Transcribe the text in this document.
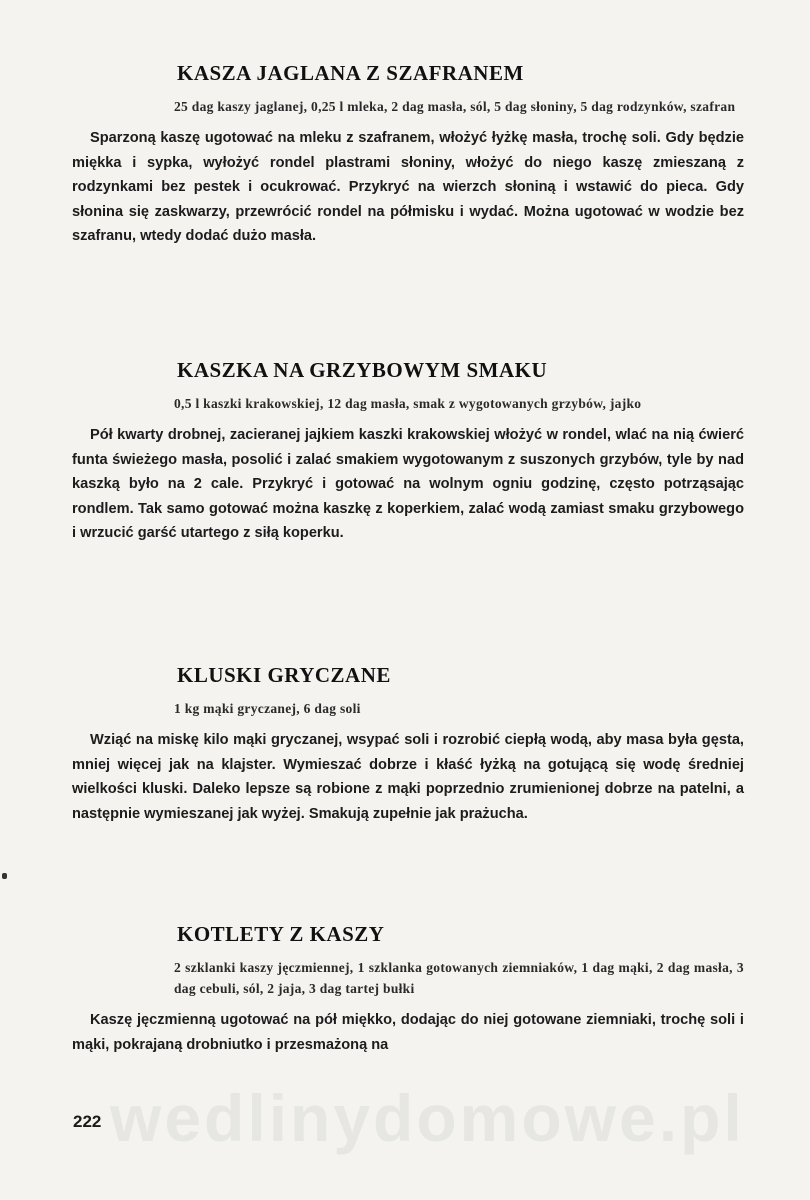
wedlinydomowe.pl
KASZA JAGLANA Z SZAFRANEM

25 dag kaszy jaglanej, 0,25 l mleka, 2 dag masła, sól, 5 dag słoniny, 5 dag rodzynków, szafran

Sparzoną kaszę ugotować na mleku z szafranem, włożyć łyżkę masła, trochę soli. Gdy będzie miękka i sypka, wyłożyć rondel plastrami słoniny, włożyć do niego kaszę zmieszaną z rodzynkami bez pestek i ocukrować. Przykryć na wierzch słoniną i wstawić do pieca. Gdy słonina się zaskwarzy, przewrócić rondel na półmisku i wydać. Można ugotować w wodzie bez szafranu, wtedy dodać dużo masła.

KASZKA NA GRZYBOWYM SMAKU

0,5 l kaszki krakowskiej, 12 dag masła, smak z wygotowanych grzybów, jajko

Pół kwarty drobnej, zacieranej jajkiem kaszki krakowskiej włożyć w rondel, wlać na nią ćwierć funta świeżego masła, posolić i zalać smakiem wygotowanym z suszonych grzybów, tyle by nad kaszką było na 2 cale. Przykryć i gotować na wolnym ogniu godzinę, często potrząsając rondlem. Tak samo gotować można kaszkę z koperkiem, zalać wodą zamiast smaku grzybowego i wrzucić garść utartego z siłą koperku.

KLUSKI GRYCZANE

1 kg mąki gryczanej, 6 dag soli

Wziąć na miskę kilo mąki gryczanej, wsypać soli i rozrobić ciepłą wodą, aby masa była gęsta, mniej więcej jak na klajster. Wymieszać dobrze i kłaść łyżką na gotującą się wodę średniej wielkości kluski. Daleko lepsze są robione z mąki poprzednio zrumienionej dobrze na patelni, a następnie wymieszanej jak wyżej. Smakują zupełnie jak prażucha.

KOTLETY Z KASZY

2 szklanki kaszy jęczmiennej, 1 szklanka gotowanych ziemniaków, 1 dag mąki, 2 dag masła, 3 dag cebuli, sól, 2 jaja, 3 dag tartej bułki

Kaszę jęczmienną ugotować na pół miękko, dodając do niej gotowane ziemniaki, trochę soli i mąki, pokrajaną drobniutko i przesmażoną na

222
